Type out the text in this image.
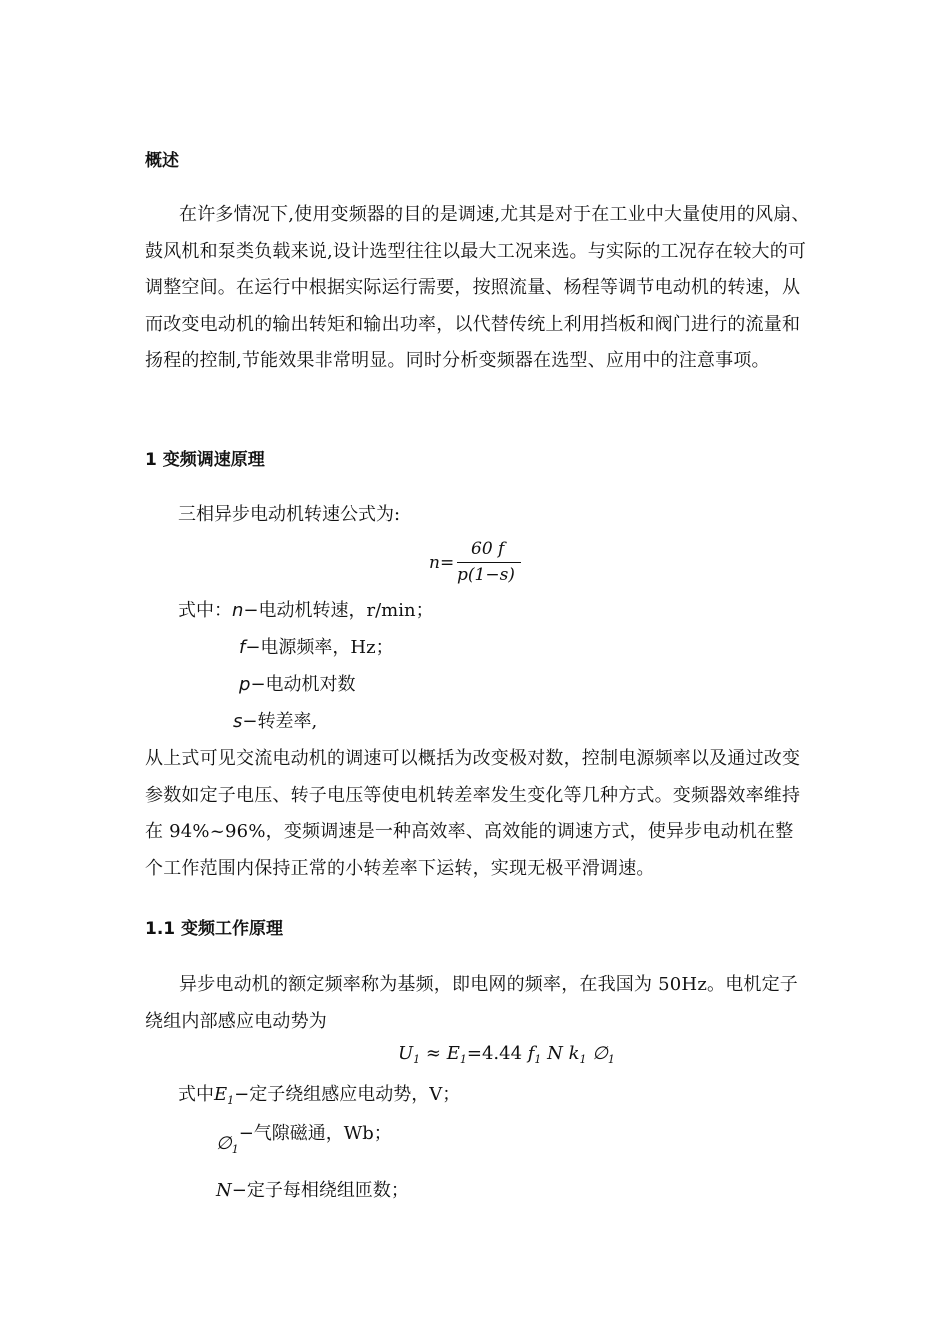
概述
在许多情况下,使用变频器的目的是调速,尤其是对于在工业中大量使用的风扇、鼓风机和泵类负载来说,设计选型往往以最大工况来选。与实际的工况存在较大的可调整空间。在运行中根据实际运行需要，按照流量、杨程等调节电动机的转速，从而改变电动机的输出转矩和输出功率，以代替传统上利用挡板和阀门进行的流量和扬程的控制,节能效果非常明显。同时分析变频器在选型、应用中的注意事项。
1 变频调速原理
三相异步电动机转速公式为:
n=
60 f
p(1−s)
式中：n−电动机转速，r/min；
f−电源频率，Hz；
p−电动机对数
s−转差率,
从上式可见交流电动机的调速可以概括为改变极对数，控制电源频率以及通过改变参数如定子电压、转子电压等使电机转差率发生变化等几种方式。变频器效率维持在 94%~96%，变频调速是一种高效率、高效能的调速方式，使异步电动机在整个工作范围内保持正常的小转差率下运转，实现无极平滑调速。
1.1 变频工作原理
异步电动机的额定频率称为基频，即电网的频率，在我国为 50Hz。电机定子绕组内部感应电动势为
$U_1 \approx E_1=4.44$ $f_1$ N $k_1$ $\emptyset_1$
式中$E_1-$定子绕组感应电动势，V；
$\emptyset_1-$气隙磁通，Wb；
N−定子每相绕组匝数；
